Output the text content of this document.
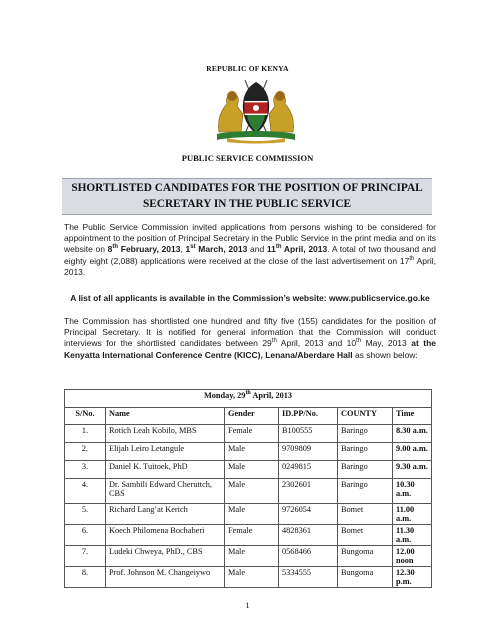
REPUBLIC OF KENYA
PUBLIC SERVICE COMMISSION
SHORTLISTED CANDIDATES FOR THE POSITION OF PRINCIPAL
SECRETARY IN THE PUBLIC SERVICE
The Public Service Commission invited applications from persons wishing to be considered for appointment to the position of Principal Secretary in the Public Service in the print media and on its website on 8th February, 2013, 1st March, 2013 and 11th April, 2013. A total of two thousand and eighty eight (2,088) applications were received at the close of the last advertisement on 17th April, 2013.
A list of all applicants is available in the Commission’s website: www.publicservice.go.ke
The Commission has shortlisted one hundred and fifty five (155) candidates for the position of Principal Secretary. It is notified for general information that the Commission will conduct interviews for the shortlisted candidates between 29th April, 2013 and 10th May, 2013 at the Kenyatta International Conference Centre (KICC), Lenana/Aberdare Hall as shown below:
Monday, 29th April, 2013					
S/No.	Name	Gender	ID.PP/No.	COUNTY	Time
1.	Rotich Leah Kobilo, MBS	Female	B100555	Baringo	8.30 a.m.
2.	Elijah Leiro Letangule	Male	9709809	Baringo	9.00 a.m.
3.	Daniel K. Tuitoek, PhD	Male	0249815	Baringo	9.30 a.m.
4.	Dr. Sambili Edward Cheruttch, CBS	Male	2302601	Baringo	10.30 a.m.
5.	Richard Lang’at Kerich	Male	9726054	Bomet	11.00 a.m.
6.	Koech Philomena Bochaberi	Female	4828361	Bomet	11.30 a.m.
7.	Ludeki Chweya, PhD., CBS	Male	0568466	Bungoma	12.00 noon
8.	Prof. Johnson M. Changeiywo	Male	5334555	Bungoma	12.30 p.m.
1
